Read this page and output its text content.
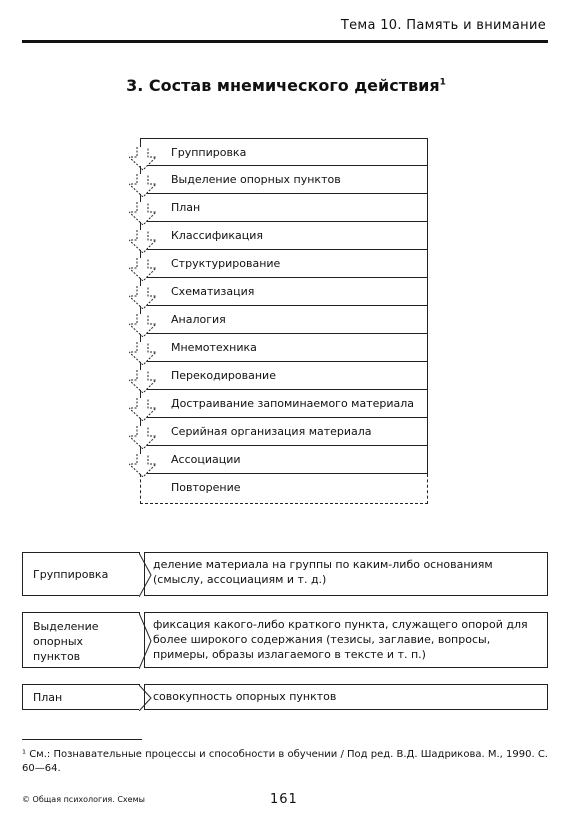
Тема 10. Память и внимание
3. Состав мнемического действия$^1$
Группировка
Выделение опорных пунктов
План
Классификация
Структурирование
Схематизация
Аналогия
Мнемотехника
Перекодирование
Достраивание запоминаемого материала
Серийная организация материала
Ассоциации
Повторение
Группировка
деление материала на группы по каким-либо основаниям (смыслу, ассоциациям и т. д.)
Выделение опорных пунктов
фиксация какого-либо краткого пункта, служащего опорой для более широкого содержания (тезисы, заглавие, вопросы, примеры, образы излагаемого в тексте и т. п.)
План	совокупность опорных пунктов
¹ См.: Познавательные процессы и способности в обучении / Под ред. В.Д. Шадрикова. М., 1990. С. 60—64.
© Общая психология. Схемы	161
